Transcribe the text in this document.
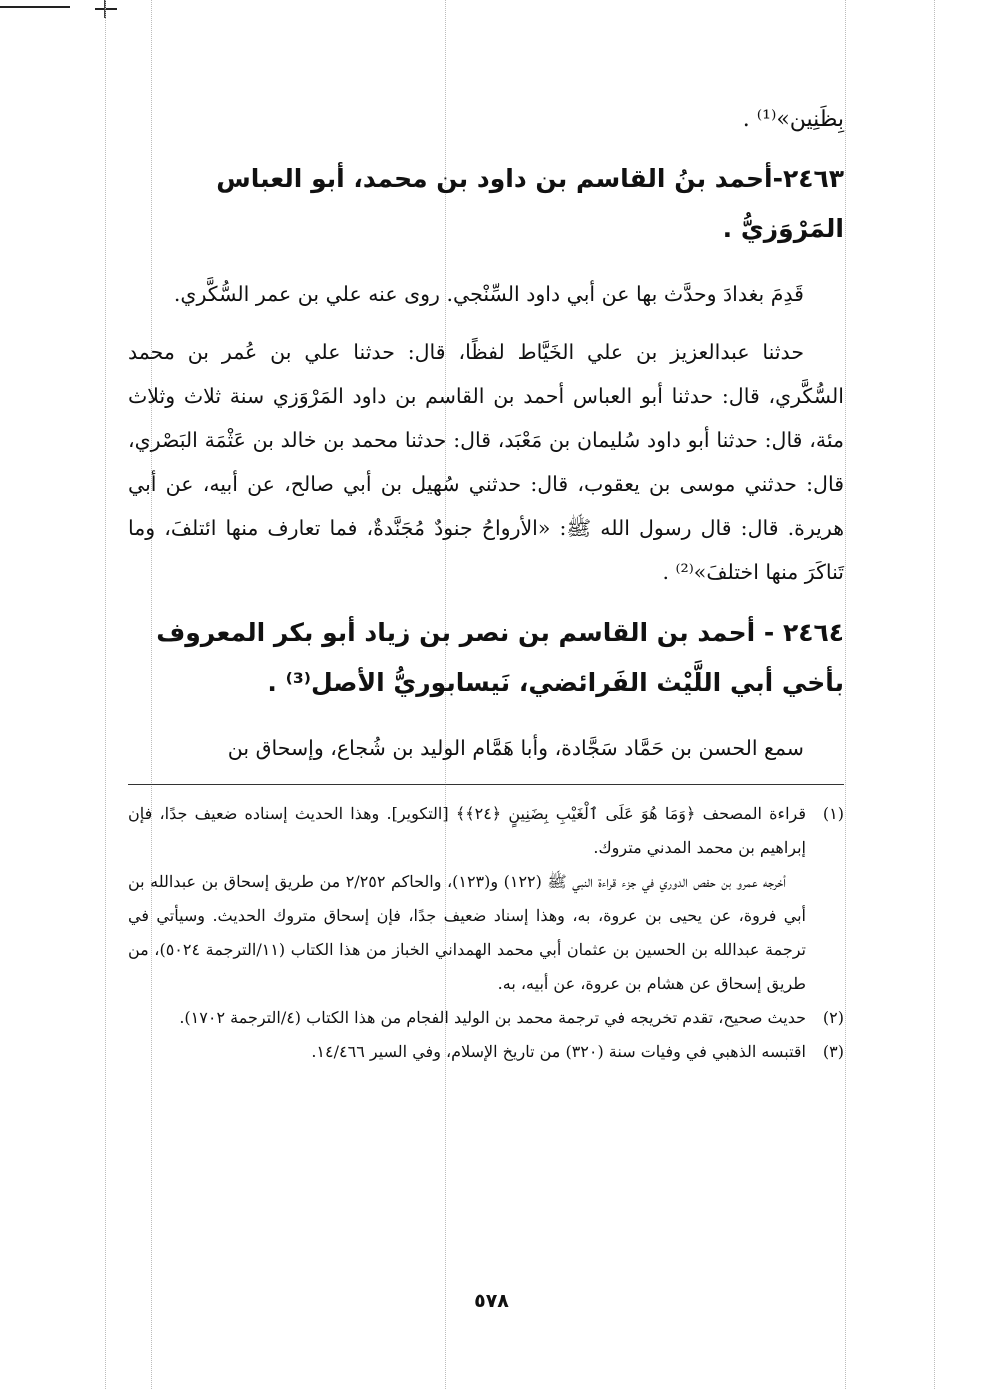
بِظَنِين»⁽¹⁾ .
٢٤٦٣-أحمد بنُ القاسم بن داود بن محمد، أبو العباس المَرْوَزيُّ .
قَدِمَ بغدادَ وحدَّث بها عن أبي داود السِّنْجي. روى عنه علي بن عمر السُّكَّري.
حدثنا عبدالعزيز بن علي الخَيَّاط لفظًا، قال: حدثنا علي بن عُمر بن محمد السُّكَّري، قال: حدثنا أبو العباس أحمد بن القاسم بن داود المَرْوَزي سنة ثلاث وثلاث مئة، قال: حدثنا أبو داود سُليمان بن مَعْبَد، قال: حدثنا محمد بن خالد بن عَثْمَة البَصْري، قال: حدثني موسى بن يعقوب، قال: حدثني سُهيل بن أبي صالح، عن أبيه، عن أبي هريرة. قال: قال رسول الله ﷺ: «الأرواحُ جنودٌ مُجَنَّدةٌ، فما تعارف منها ائتلفَ، وما تَناكَرَ منها اختلفَ»⁽²⁾ .
٢٤٦٤ - أحمد بن القاسم بن نصر بن زياد أبو بكر المعروف بأخي أبي اللَّيْث الفَرائضي، نَيسابوريُّ الأصل⁽³⁾ .
سمع الحسن بن حَمَّاد سَجَّادة، وأبا هَمَّام الوليد بن شُجاع، وإسحاق بن
(١)
قراءة المصحف ﴿وَمَا هُوَ عَلَى ٱلْغَيْبِ بِضَنِينٍ ﴿٢٤﴾﴾ [التكوير]. وهذا الحديث إسناده ضعيف جدًا، فإن إبراهيم بن محمد المدني متروك.
أخرجه عمرو بن حفص الدوري في جزء قراءة النبي ﷺ (١٢٢) و(١٢٣)، والحاكم ٢/٢٥٢ من طريق إسحاق بن عبدالله بن أبي فروة، عن يحيى بن عروة، به، وهذا إسناد ضعيف جدًا، فإن إسحاق متروك الحديث. وسيأتي في ترجمة عبدالله بن الحسين بن عثمان أبي محمد الهمداني الخباز من هذا الكتاب (١١/الترجمة ٥٠٢٤)، من طريق إسحاق عن هشام بن عروة، عن أبيه، به.
(٢)
حديث صحيح، تقدم تخريجه في ترجمة محمد بن الوليد الفجام من هذا الكتاب (٤/الترجمة ١٧٠٢).
(٣)
اقتبسه الذهبي في وفيات سنة (٣٢٠) من تاريخ الإسلام، وفي السير ١٤/٤٦٦.
٥٧٨
